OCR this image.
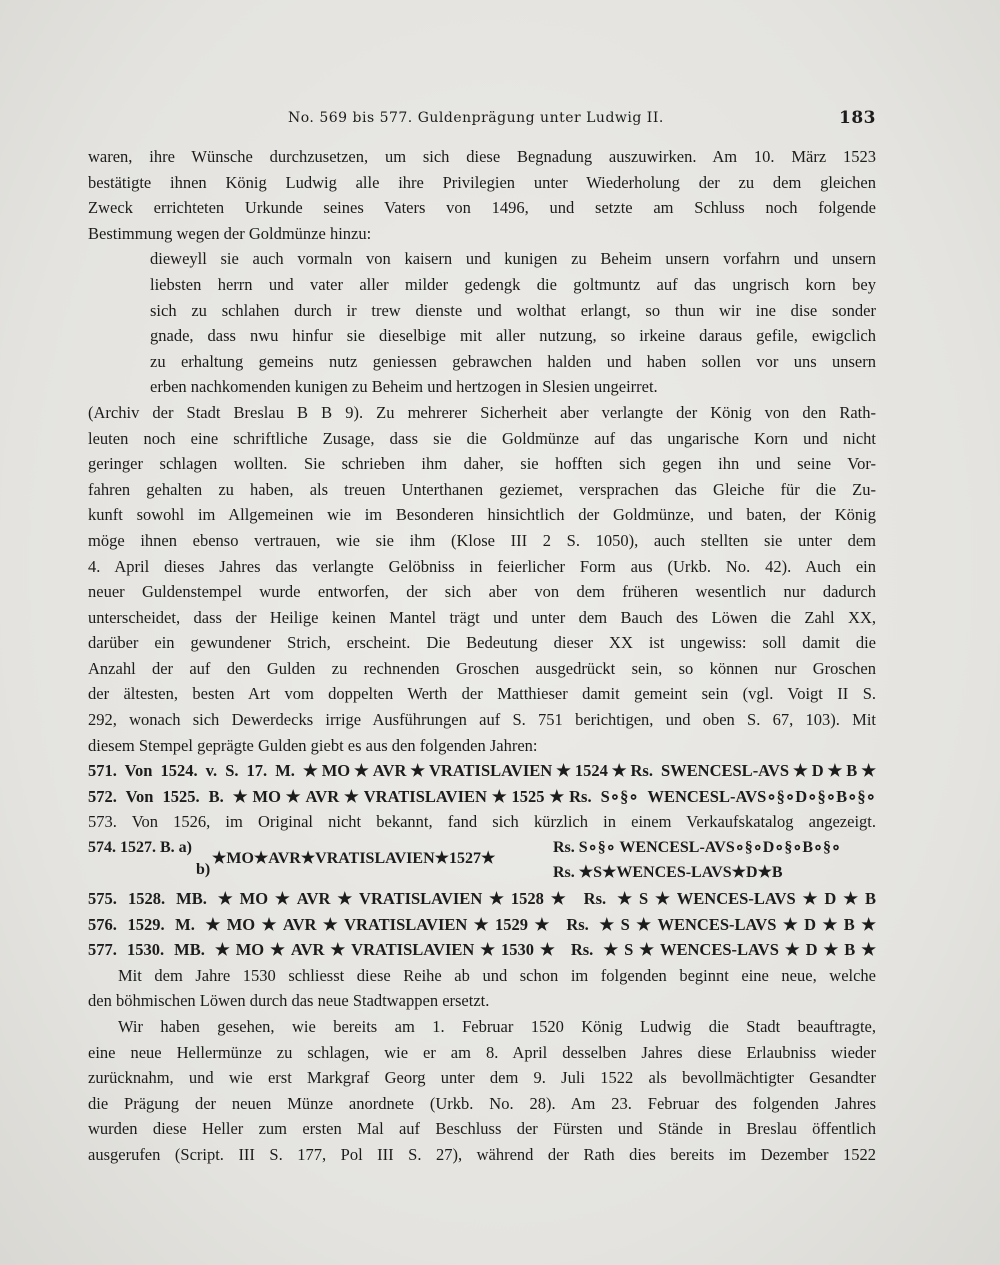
No. 569 bis 577. Guldenprägung unter Ludwig II.	183
waren, ihre Wünsche durchzusetzen, um sich diese Begnadung auszuwirken. Am 10. März 1523
bestätigte ihnen König Ludwig alle ihre Privilegien unter Wiederholung der zu dem gleichen
Zweck errichteten Urkunde seines Vaters von 1496, und setzte am Schluss noch folgende
Bestimmung wegen der Goldmünze hinzu:
dieweyll sie auch vormaln von kaisern und kunigen zu Beheim unsern vorfahrn und unsern
liebsten herrn und vater aller milder gedengk die goltmuntz auf das ungrisch korn bey
sich zu schlahen durch ir trew dienste und wolthat erlangt, so thun wir ine dise sonder
gnade, dass nwu hinfur sie dieselbige mit aller nutzung, so irkeine daraus gefile, ewigclich
zu erhaltung gemeins nutz geniessen gebrawchen halden und haben sollen vor uns unsern
erben nachkomenden kunigen zu Beheim und hertzogen in Slesien ungeirret.
(Archiv der Stadt Breslau B B 9). Zu mehrerer Sicherheit aber verlangte der König von den Rath-
leuten noch eine schriftliche Zusage, dass sie die Goldmünze auf das ungarische Korn und nicht
geringer schlagen wollten. Sie schrieben ihm daher, sie hofften sich gegen ihn und seine Vor-
fahren gehalten zu haben, als treuen Unterthanen geziemet, versprachen das Gleiche für die Zu-
kunft sowohl im Allgemeinen wie im Besonderen hinsichtlich der Goldmünze, und baten, der König
möge ihnen ebenso vertrauen, wie sie ihm (Klose III 2 S. 1050), auch stellten sie unter dem
4. April dieses Jahres das verlangte Gelöbniss in feierlicher Form aus (Urkb. No. 42). Auch ein
neuer Guldenstempel wurde entworfen, der sich aber von dem früheren wesentlich nur dadurch
unterscheidet, dass der Heilige keinen Mantel trägt und unter dem Bauch des Löwen die Zahl XX,
darüber ein gewundener Strich, erscheint. Die Bedeutung dieser XX ist ungewiss: soll damit die
Anzahl der auf den Gulden zu rechnenden Groschen ausgedrückt sein, so können nur Groschen
der ältesten, besten Art vom doppelten Werth der Matthieser damit gemeint sein (vgl. Voigt II S.
292, wonach sich Dewerdecks irrige Ausführungen auf S. 751 berichtigen, und oben S. 67, 103). Mit
diesem Stempel geprägte Gulden giebt es aus den folgenden Jahren:
571. Von 1524. v. S. 17. M. ★MO★AVR★VRATISLAVIEN★1524★Rs. SWENCESL-AVS★D★B★
572. Von 1525. B. ★MO★AVR★VRATISLAVIEN★1525★Rs. S∘§∘ WENCESL-AVS∘§∘D∘§∘B∘§∘
573. Von 1526, im Original nicht bekannt, fand sich kürzlich in einem Verkaufskatalog angezeigt.
574. 1527. B. a)
b)
★MO★AVR★VRATISLAVIEN★1527★
Rs. S∘§∘ WENCESL-AVS∘§∘D∘§∘B∘§∘
Rs. ★S★WENCES-LAVS★D★B
575. 1528. MB. ★MO★AVR★VRATISLAVIEN★1528★ Rs. ★S★WENCES-LAVS★D★B
576. 1529. M. ★MO★AVR★VRATISLAVIEN★1529★ Rs. ★S★WENCES-LAVS★D★B★
577. 1530. MB. ★MO★AVR★VRATISLAVIEN★1530★ Rs. ★S★WENCES-LAVS★D★B★
Mit dem Jahre 1530 schliesst diese Reihe ab und schon im folgenden beginnt eine neue, welche
den böhmischen Löwen durch das neue Stadtwappen ersetzt.
Wir haben gesehen, wie bereits am 1. Februar 1520 König Ludwig die Stadt beauftragte,
eine neue Hellermünze zu schlagen, wie er am 8. April desselben Jahres diese Erlaubniss wieder
zurücknahm, und wie erst Markgraf Georg unter dem 9. Juli 1522 als bevollmächtigter Gesandter
die Prägung der neuen Münze anordnete (Urkb. No. 28). Am 23. Februar des folgenden Jahres
wurden diese Heller zum ersten Mal auf Beschluss der Fürsten und Stände in Breslau öffentlich
ausgerufen (Script. III S. 177, Pol III S. 27), während der Rath dies bereits im Dezember 1522
